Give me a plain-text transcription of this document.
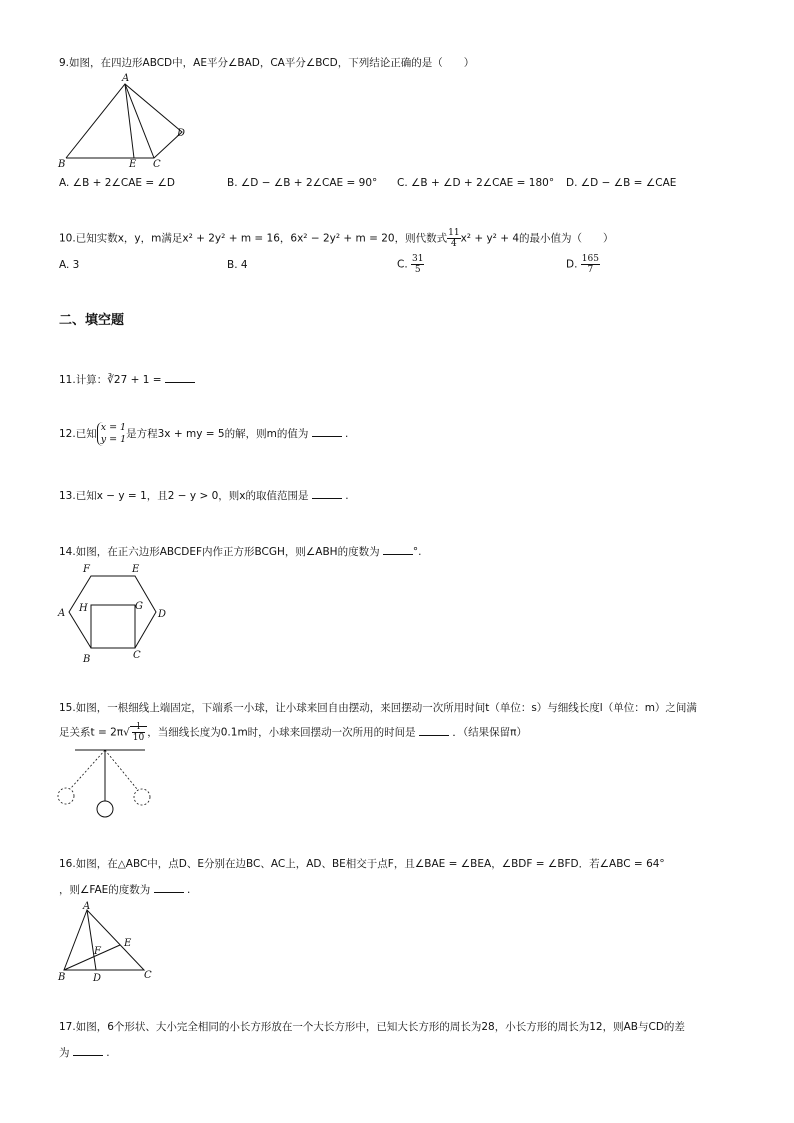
9.如图，在四边形ABCD中，AE平分∠BAD，CA平分∠BCD，下列结论正确的是（　　）
A
B	C
D
E
A. ∠B + 2∠CAE = ∠D	B. ∠D − ∠B + 2∠CAE = 90° C. ∠B + ∠D + 2∠CAE = 180° D. ∠D − ∠B = ∠CAE
10.已知实数x，y，m满足x² + 2y² + m = 16，6x² − 2y² + m = 20，则代数式 $\frac{11}{4} x^2 + y^2 + 4$的最小值为（　　）
A. 3	B. 4	C. $\frac{31}{5}$	D. $\frac{165}{7}$
二、填空题
11.计算：∛27 + 1 =
12.已知
x = 1
y = 1 是方程3x + my = 5的解，则m的值为	.
13.已知x − y = 1，且2 − y > 0，则x的取值范围是	.
14.如图，在正六边形ABCDEF内作正方形BCGH，则∠ABH的度数为	°.
A
B	C
D
E
F
G
H
15.如图，一根细线上端固定，下端系一小球，让小球来回自由摆动，来回摆动一次所用时间t（单位：s）与细线长度l（单位：m）之间满
足关系$t = 2\pi√ \frac{l}{10}$ ，当细线长度为0.1m时，小球来回摆动一次所用的时间是	．（结果保留π）
16.如图，在△ABC中，点D、E分别在边BC、AC上，AD、BE相交于点F，且∠BAE = ∠BEA，∠BDF = ∠BFD．若∠ABC = 64°
，则∠FAE的度数为	.
A
B	C
D
E
F
17.如图，6个形状、大小完全相同的小长方形放在一个大长方形中，已知大长方形的周长为28，小长方形的周长为12，则AB与CD的差
为	.
